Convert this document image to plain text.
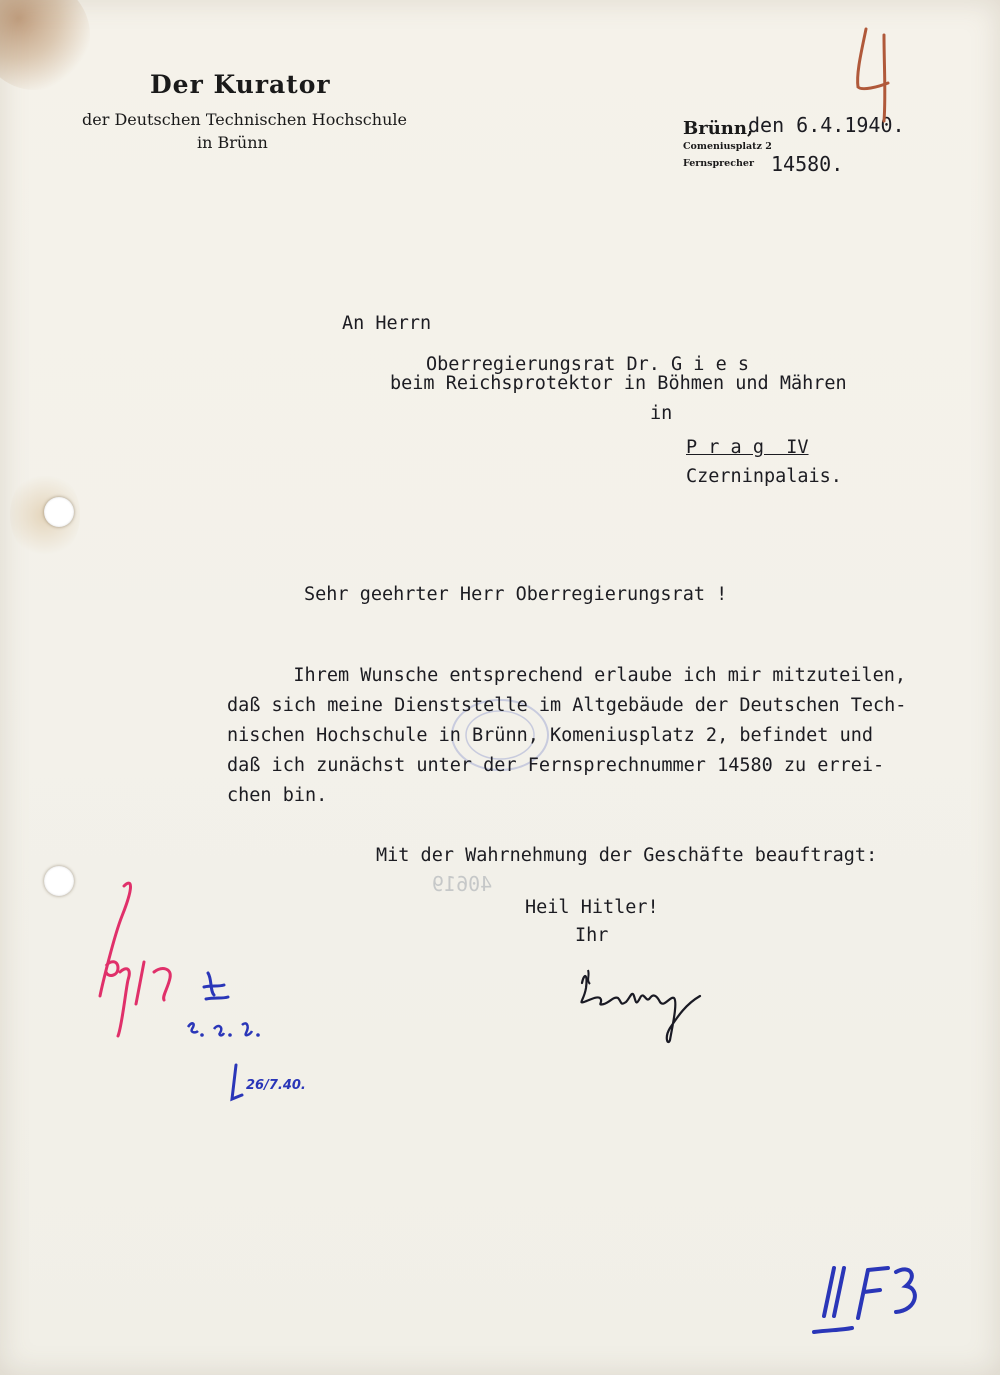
Der Kurator
der Deutschen Technischen Hochschule
in Brünn
Brünn,
Comeniusplatz 2
Fernsprecher
den 6.4.1940.
14580.
An Herrn
Oberregierungsrat Dr. G i e s
beim Reichsprotektor in Böhmen und Mähren
in
P r a g  IV
Czerninpalais.
Sehr geehrter Herr Oberregierungsrat !
Ihrem Wunsche entsprechend erlaube ich mir mitzuteilen,
daß sich meine Dienststelle im Altgebäude der Deutschen Tech-
nischen Hochschule in Brünn, Komeniusplatz 2, befindet und
daß ich zunächst unter der Fernsprechnummer 14580 zu errei-
chen bin.
Mit der Wahrnehmung der Geschäfte beauftragt:
40619
Heil Hitler!
Ihr
26/7.40.
